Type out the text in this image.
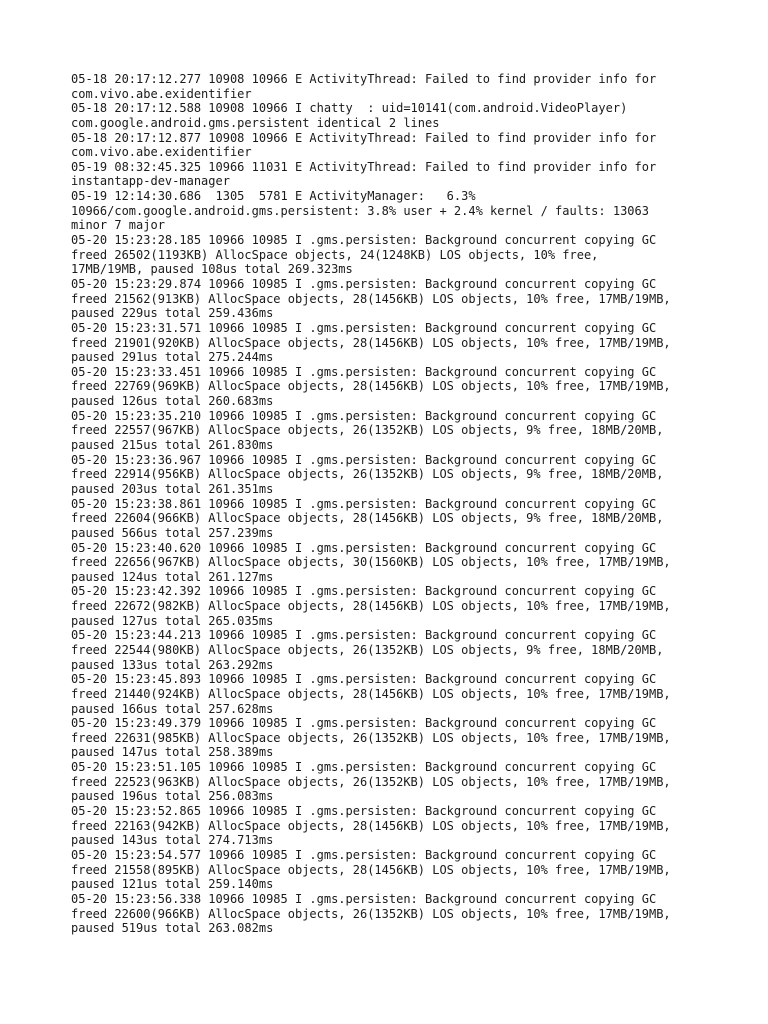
05-18 20:17:12.277 10908 10966 E ActivityThread: Failed to find provider info for
com.vivo.abe.exidentifier
05-18 20:17:12.588 10908 10966 I chatty  : uid=10141(com.android.VideoPlayer)
com.google.android.gms.persistent identical 2 lines
05-18 20:17:12.877 10908 10966 E ActivityThread: Failed to find provider info for
com.vivo.abe.exidentifier
05-19 08:32:45.325 10966 11031 E ActivityThread: Failed to find provider info for
instantapp-dev-manager
05-19 12:14:30.686  1305  5781 E ActivityManager:   6.3%
10966/com.google.android.gms.persistent: 3.8% user + 2.4% kernel / faults: 13063
minor 7 major
05-20 15:23:28.185 10966 10985 I .gms.persisten: Background concurrent copying GC
freed 26502(1193KB) AllocSpace objects, 24(1248KB) LOS objects, 10% free,
17MB/19MB, paused 108us total 269.323ms
05-20 15:23:29.874 10966 10985 I .gms.persisten: Background concurrent copying GC
freed 21562(913KB) AllocSpace objects, 28(1456KB) LOS objects, 10% free, 17MB/19MB,
paused 229us total 259.436ms
05-20 15:23:31.571 10966 10985 I .gms.persisten: Background concurrent copying GC
freed 21901(920KB) AllocSpace objects, 28(1456KB) LOS objects, 10% free, 17MB/19MB,
paused 291us total 275.244ms
05-20 15:23:33.451 10966 10985 I .gms.persisten: Background concurrent copying GC
freed 22769(969KB) AllocSpace objects, 28(1456KB) LOS objects, 10% free, 17MB/19MB,
paused 126us total 260.683ms
05-20 15:23:35.210 10966 10985 I .gms.persisten: Background concurrent copying GC
freed 22557(967KB) AllocSpace objects, 26(1352KB) LOS objects, 9% free, 18MB/20MB,
paused 215us total 261.830ms
05-20 15:23:36.967 10966 10985 I .gms.persisten: Background concurrent copying GC
freed 22914(956KB) AllocSpace objects, 26(1352KB) LOS objects, 9% free, 18MB/20MB,
paused 203us total 261.351ms
05-20 15:23:38.861 10966 10985 I .gms.persisten: Background concurrent copying GC
freed 22604(966KB) AllocSpace objects, 28(1456KB) LOS objects, 9% free, 18MB/20MB,
paused 566us total 257.239ms
05-20 15:23:40.620 10966 10985 I .gms.persisten: Background concurrent copying GC
freed 22656(967KB) AllocSpace objects, 30(1560KB) LOS objects, 10% free, 17MB/19MB,
paused 124us total 261.127ms
05-20 15:23:42.392 10966 10985 I .gms.persisten: Background concurrent copying GC
freed 22672(982KB) AllocSpace objects, 28(1456KB) LOS objects, 10% free, 17MB/19MB,
paused 127us total 265.035ms
05-20 15:23:44.213 10966 10985 I .gms.persisten: Background concurrent copying GC
freed 22544(980KB) AllocSpace objects, 26(1352KB) LOS objects, 9% free, 18MB/20MB,
paused 133us total 263.292ms
05-20 15:23:45.893 10966 10985 I .gms.persisten: Background concurrent copying GC
freed 21440(924KB) AllocSpace objects, 28(1456KB) LOS objects, 10% free, 17MB/19MB,
paused 166us total 257.628ms
05-20 15:23:49.379 10966 10985 I .gms.persisten: Background concurrent copying GC
freed 22631(985KB) AllocSpace objects, 26(1352KB) LOS objects, 10% free, 17MB/19MB,
paused 147us total 258.389ms
05-20 15:23:51.105 10966 10985 I .gms.persisten: Background concurrent copying GC
freed 22523(963KB) AllocSpace objects, 26(1352KB) LOS objects, 10% free, 17MB/19MB,
paused 196us total 256.083ms
05-20 15:23:52.865 10966 10985 I .gms.persisten: Background concurrent copying GC
freed 22163(942KB) AllocSpace objects, 28(1456KB) LOS objects, 10% free, 17MB/19MB,
paused 143us total 274.713ms
05-20 15:23:54.577 10966 10985 I .gms.persisten: Background concurrent copying GC
freed 21558(895KB) AllocSpace objects, 28(1456KB) LOS objects, 10% free, 17MB/19MB,
paused 121us total 259.140ms
05-20 15:23:56.338 10966 10985 I .gms.persisten: Background concurrent copying GC
freed 22600(966KB) AllocSpace objects, 26(1352KB) LOS objects, 10% free, 17MB/19MB,
paused 519us total 263.082ms
